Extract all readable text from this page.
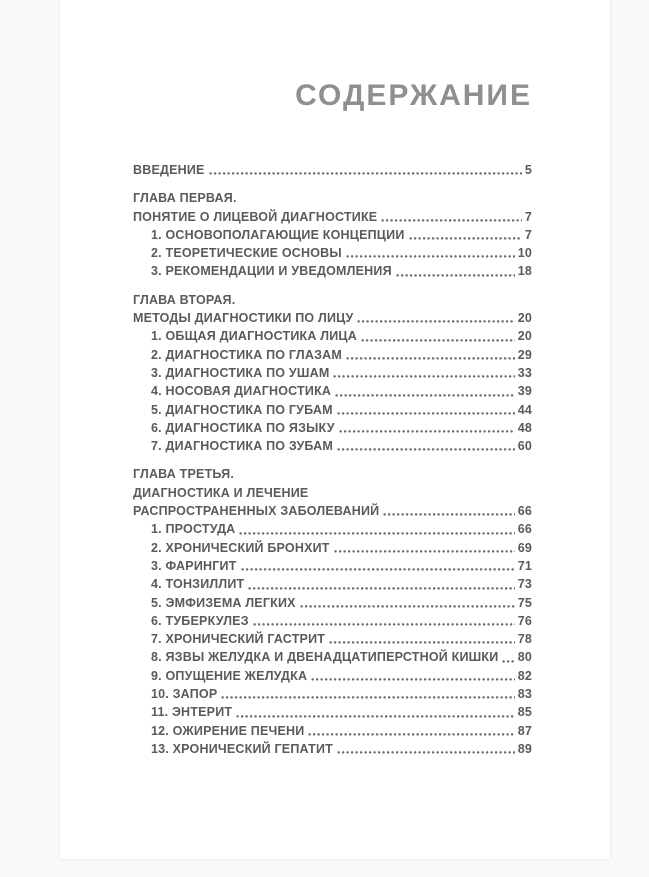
СОДЕРЖАНИЕ
ВВЕДЕНИЕ	5
ГЛАВА ПЕРВАЯ.
ПОНЯТИЕ О ЛИЦЕВОЙ ДИАГНОСТИКЕ	7
1. ОСНОВОПОЛАГАЮЩИЕ КОНЦЕПЦИИ	7
2. ТЕОРЕТИЧЕСКИЕ ОСНОВЫ	10
3. РЕКОМЕНДАЦИИ И УВЕДОМЛЕНИЯ	18
ГЛАВА ВТОРАЯ.
МЕТОДЫ ДИАГНОСТИКИ ПО ЛИЦУ	20
1. ОБЩАЯ ДИАГНОСТИКА ЛИЦА	20
2. ДИАГНОСТИКА ПО ГЛАЗАМ	29
3. ДИАГНОСТИКА ПО УШАМ	33
4. НОСОВАЯ ДИАГНОСТИКА	39
5. ДИАГНОСТИКА ПО ГУБАМ	44
6. ДИАГНОСТИКА ПО ЯЗЫКУ	48
7. ДИАГНОСТИКА ПО ЗУБАМ	60
ГЛАВА ТРЕТЬЯ.
ДИАГНОСТИКА И ЛЕЧЕНИЕ
РАСПРОСТРАНЕННЫХ ЗАБОЛЕВАНИЙ	66
1. ПРОСТУДА	66
2. ХРОНИЧЕСКИЙ БРОНХИТ	69
3. ФАРИНГИТ	71
4. ТОНЗИЛЛИТ	73
5. ЭМФИЗЕМА ЛЕГКИХ	75
6. ТУБЕРКУЛЕЗ	76
7. ХРОНИЧЕСКИЙ ГАСТРИТ	78
8. ЯЗВЫ ЖЕЛУДКА И ДВЕНАДЦАТИПЕРСТНОЙ КИШКИ 80
9. ОПУЩЕНИЕ ЖЕЛУДКА	82
10. ЗАПОР	83
11. ЭНТЕРИТ	85
12. ОЖИРЕНИЕ ПЕЧЕНИ	87
13. ХРОНИЧЕСКИЙ ГЕПАТИТ	89
